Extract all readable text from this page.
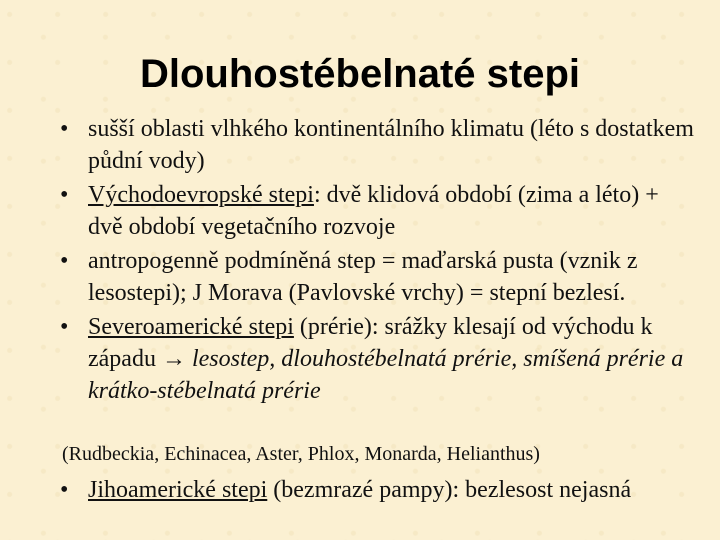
Dlouhostébelnaté stepi
• sušší oblasti vlhkého kontinentálního klimatu (léto s dostatkem půdní vody)
• Východoevropské stepi: dvě klidová období (zima a léto) + dvě období vegetačního rozvoje
• antropogenně podmíněná step = maďarská pusta (vznik z lesostepi); J Morava (Pavlovské vrchy) = stepní bezlesí.
• Severoamerické stepi (prérie): srážky klesají od východu k západu → lesostep, dlouhostébelnatá prérie, smíšená prérie a krátko-stébelnatá prérie
(Rudbeckia, Echinacea, Aster, Phlox, Monarda, Helianthus)
• Jihoamerické stepi (bezmrazé pampy): bezlesost nejasná
